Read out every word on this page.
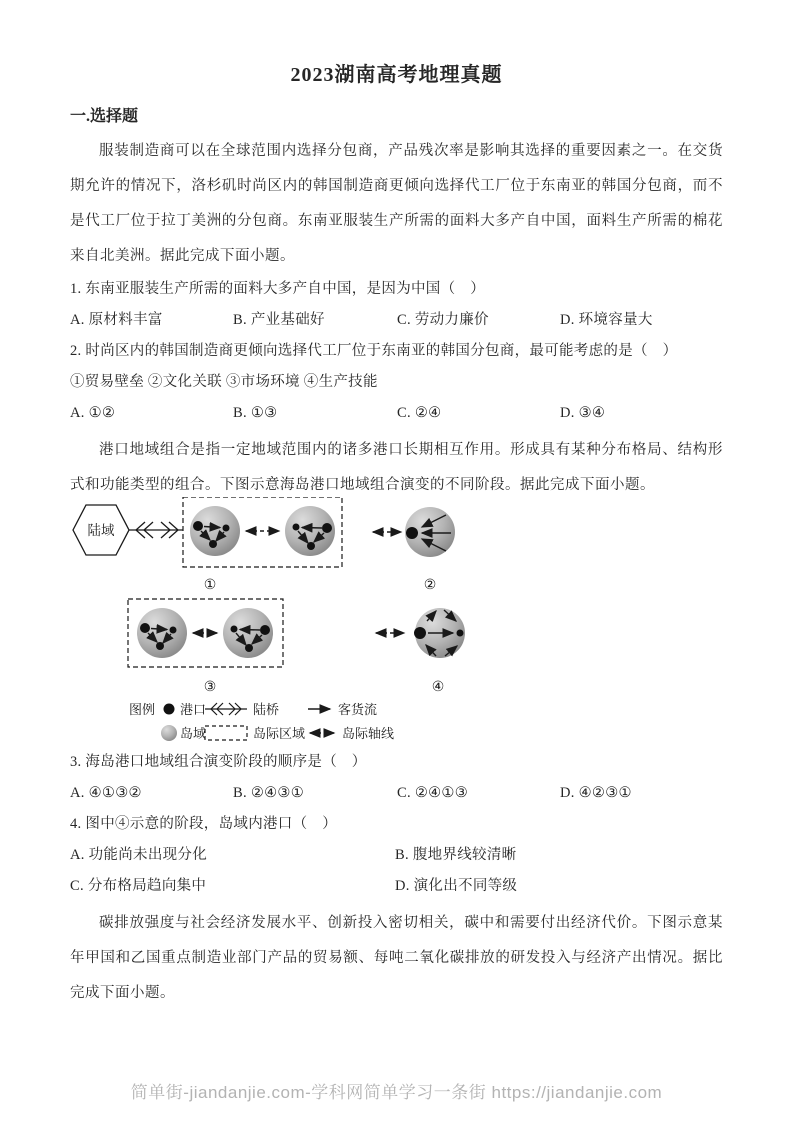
2023湖南高考地理真题
一.选择题

服装制造商可以在全球范围内选择分包商，产品残次率是影响其选择的重要因素之一。在交货期允许的情况下，洛杉矶时尚区内的韩国制造商更倾向选择代工厂位于东南亚的韩国分包商，而不是代工厂位于拉丁美洲的分包商。东南亚服装生产所需的面料大多产自中国，面料生产所需的棉花来自北美洲。据此完成下面小题。

1. 东南亚服装生产所需的面料大多产自中国，是因为中国（　）
A. 原材料丰富	B. 产业基础好	C. 劳动力廉价	D. 环境容量大
2. 时尚区内的韩国制造商更倾向选择代工厂位于东南亚的韩国分包商，最可能考虑的是（　）
①贸易壁垒 ②文化关联 ③市场环境 ④生产技能
A. ①②	B. ①③	C. ②④	D. ③④

港口地域组合是指一定地域范围内的诸多港口长期相互作用。形成具有某种分布格局、结构形式和功能类型的组合。下图示意海岛港口地域组合演变的不同阶段。据此完成下面小题。

陆域
①	②
③	④
图例 港口	陆桥	客货流
岛域	岛际区域	岛际轴线
3. 海岛港口地域组合演变阶段的顺序是（　）
A. ④①③②	B. ②④③①	C. ②④①③	D. ④②③①
4. 图中④示意的阶段，岛域内港口（　）
A. 功能尚未出现分化	B. 腹地界线较清晰
C. 分布格局趋向集中	D. 演化出不同等级

碳排放强度与社会经济发展水平、创新投入密切相关，碳中和需要付出经济代价。下图示意某年甲国和乙国重点制造业部门产品的贸易额、每吨二氧化碳排放的研发投入与经济产出情况。据比完成下面小题。

简单街-jiandanjie.com-学科网简单学习一条街 https://jiandanjie.com
